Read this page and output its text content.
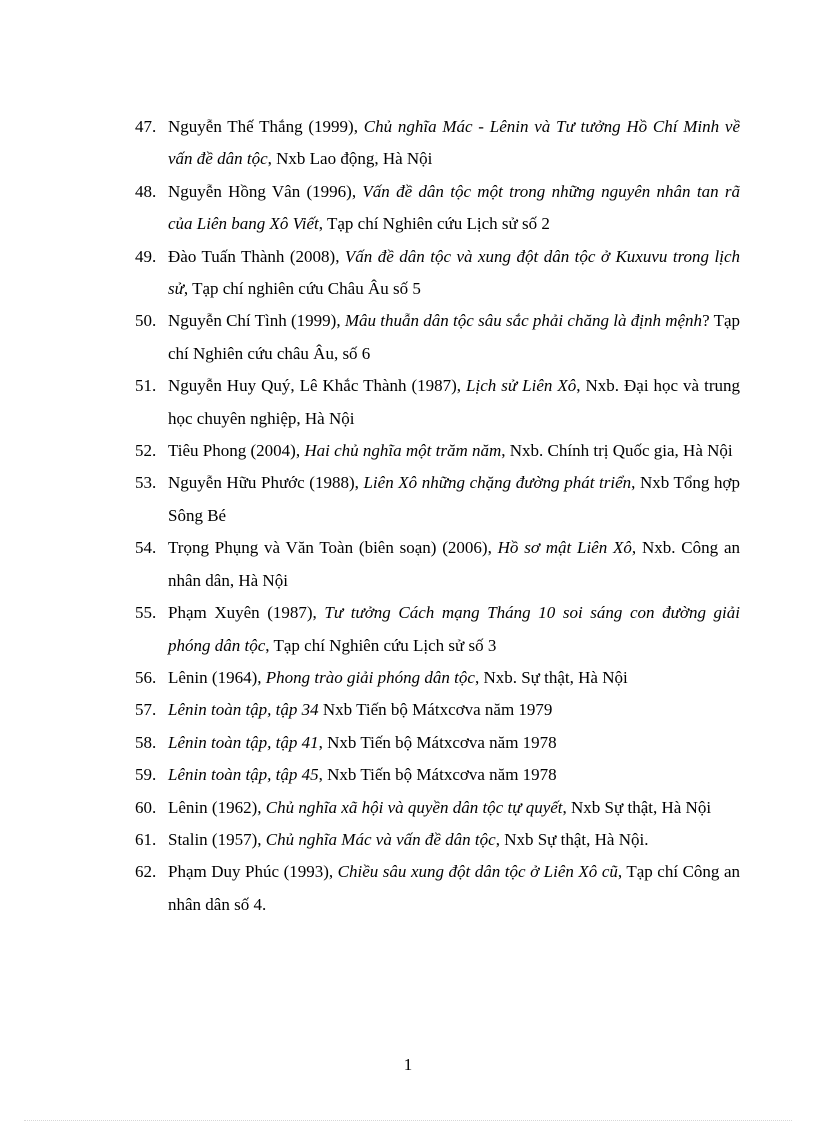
47. Nguyễn Thế Thắng (1999), Chủ nghĩa Mác - Lênin và Tư tưởng Hồ Chí Minh về vấn đề dân tộc, Nxb Lao động, Hà Nội
48. Nguyễn Hồng Vân (1996), Vấn đề dân tộc một trong những nguyên nhân tan rã của Liên bang Xô Viết, Tạp chí Nghiên cứu Lịch sử số 2
49. Đào Tuấn Thành (2008), Vấn đề dân tộc và xung đột dân tộc ở Kuxuvu trong lịch sử, Tạp chí nghiên cứu Châu Âu số 5
50. Nguyễn Chí Tình (1999), Mâu thuẫn dân tộc sâu sắc phải chăng là định mệnh? Tạp chí Nghiên cứu châu Âu, số 6
51. Nguyễn Huy Quý, Lê Khắc Thành (1987), Lịch sử Liên Xô, Nxb. Đại học và trung học chuyên nghiệp, Hà Nội
52. Tiêu Phong (2004), Hai chủ nghĩa một trăm năm, Nxb. Chính trị Quốc gia, Hà Nội
53. Nguyễn Hữu Phước (1988), Liên Xô những chặng đường phát triển, Nxb Tổng hợp Sông Bé
54. Trọng Phụng và Văn Toàn (biên soạn) (2006), Hồ sơ mật Liên Xô, Nxb. Công an nhân dân, Hà Nội
55. Phạm Xuyên (1987), Tư tưởng Cách mạng Tháng 10 soi sáng con đường giải phóng dân tộc, Tạp chí Nghiên cứu Lịch sử số 3
56. Lênin (1964), Phong trào giải phóng dân tộc, Nxb. Sự thật, Hà Nội
57. Lênin toàn tập, tập 34 Nxb Tiến bộ Mátxcơva năm 1979
58. Lênin toàn tập, tập 41, Nxb Tiến bộ Mátxcơva năm 1978
59. Lênin toàn tập, tập 45, Nxb Tiến bộ Mátxcơva năm 1978
60. Lênin (1962), Chủ nghĩa xã hội và quyền dân tộc tự quyết, Nxb Sự thật, Hà Nội
61. Stalin (1957), Chủ nghĩa Mác và vấn đề dân tộc, Nxb Sự thật, Hà Nội.
62. Phạm Duy Phúc (1993), Chiều sâu xung đột dân tộc ở Liên Xô cũ, Tạp chí Công an nhân dân số 4.
1
